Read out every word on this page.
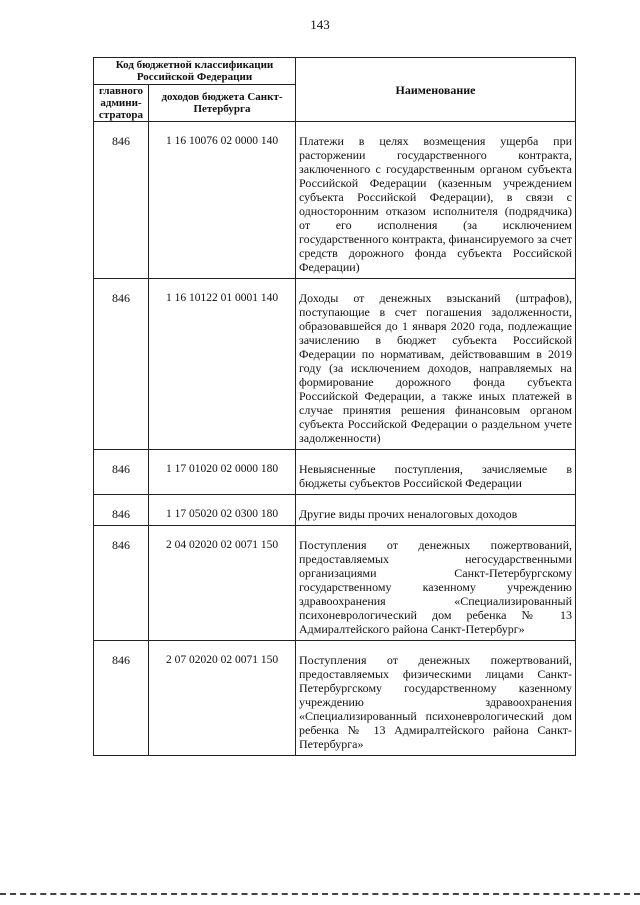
143
Код бюджетной классификации Российской Федерации		Наименование
главного админи-стратора	доходов бюджета Санкт-Петербурга	
846	1 16 10076 02 0000 140	Платежи в целях возмещения ущерба при расторжении государственного контракта, заключенного с государственным органом субъекта Российской Федерации (казенным учреждением субъекта Российской Федерации), в связи с односторонним отказом исполнителя (подрядчика) от его исполнения (за исключением государственного контракта, финансируемого за счет средств дорожного фонда субъекта Российской Федерации)
846	1 16 10122 01 0001 140	Доходы от денежных взысканий (штрафов), поступающие в счет погашения задолженности, образовавшейся до 1 января 2020 года, подлежащие зачислению в бюджет субъекта Российской Федерации по нормативам, действовавшим в 2019 году (за исключением доходов, направляемых на формирование дорожного фонда субъекта Российской Федерации, а также иных платежей в случае принятия решения финансовым органом субъекта Российской Федерации о раздельном учете задолженности)
846	1 17 01020 02 0000 180	Невыясненные поступления, зачисляемые в бюджеты субъектов Российской Федерации
846	1 17 05020 02 0300 180	Другие виды прочих неналоговых доходов
846	2 04 02020 02 0071 150	Поступления от денежных пожертвований, предоставляемых негосударственными организациями Санкт-Петербургскому государственному казенному учреждению здравоохранения «Специализированный психоневрологический дом ребенка № 13 Адмиралтейского района Санкт-Петербург»
846	2 07 02020 02 0071 150	Поступления от денежных пожертвований, предоставляемых физическими лицами Санкт-Петербургскому государственному казенному учреждению здравоохранения «Специализированный психоневрологический дом ребенка № 13 Адмиралтейского района Санкт-Петербурга»
